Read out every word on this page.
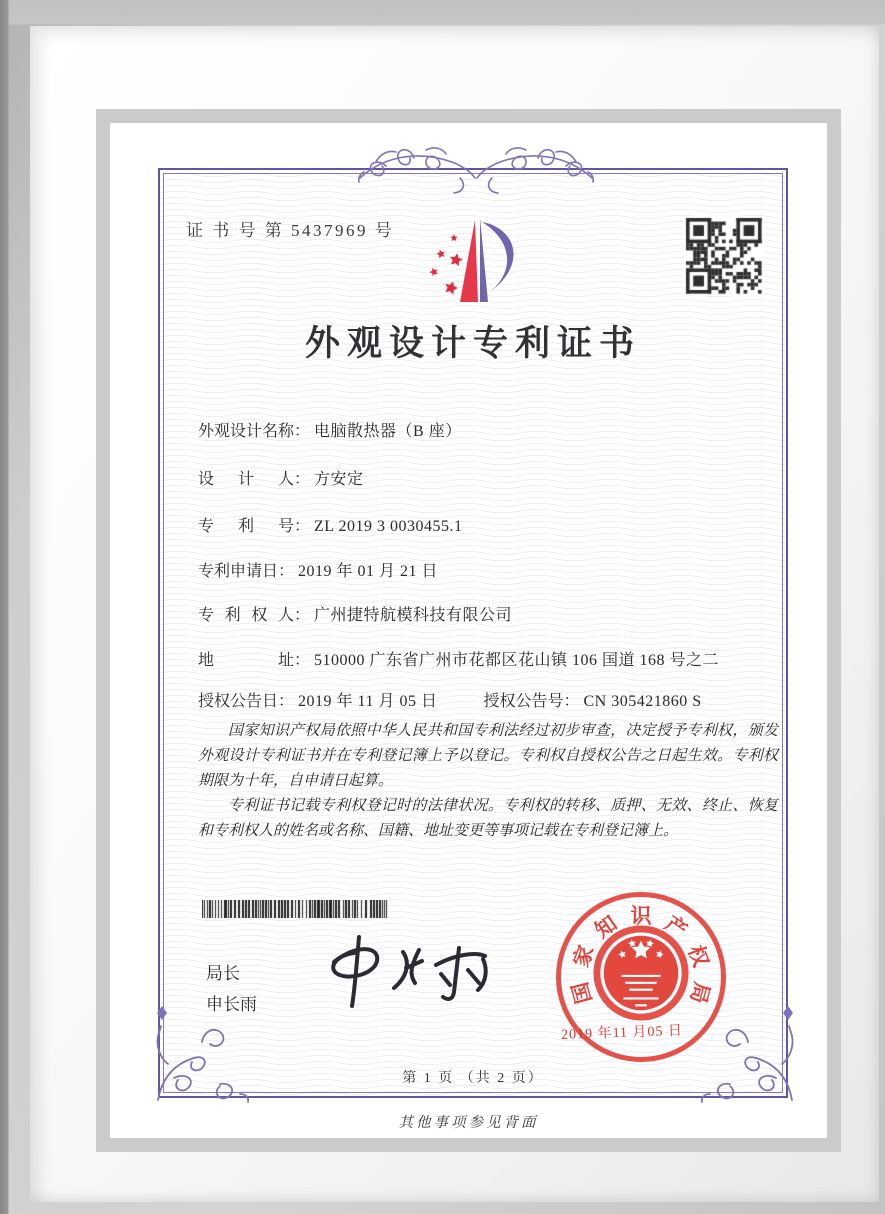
证 书 号 第 5437969 号
外观设计专利证书
外观设计名称： 电脑散热器（B 座）
设计人： 方安定
专利号： ZL 2019 3 0030455.1
专利申请日： 2019 年 01 月 21 日
专利权人： 广州捷特航模科技有限公司
地址： 510000 广东省广州市花都区花山镇 106 国道 168 号之二
授权公告日： 2019 年 11 月 05 日	授权公告号： CN 305421860 S

国家知识产权局依照中华人民共和国专利法经过初步审查，决定授予专利权，颁发外观设计专利证书并在专利登记簿上予以登记。专利权自授权公告之日起生效。专利权期限为十年，自申请日起算。

专利证书记载专利权登记时的法律状况。专利权的转移、质押、无效、终止、恢复和专利权人的姓名或名称、国籍、地址变更等事项记载在专利登记簿上。

局长
申长雨	国
家
知 识 产
权
局
2019 年11 月05 日
第 1 页 （共 2 页）
其他事项参见背面
